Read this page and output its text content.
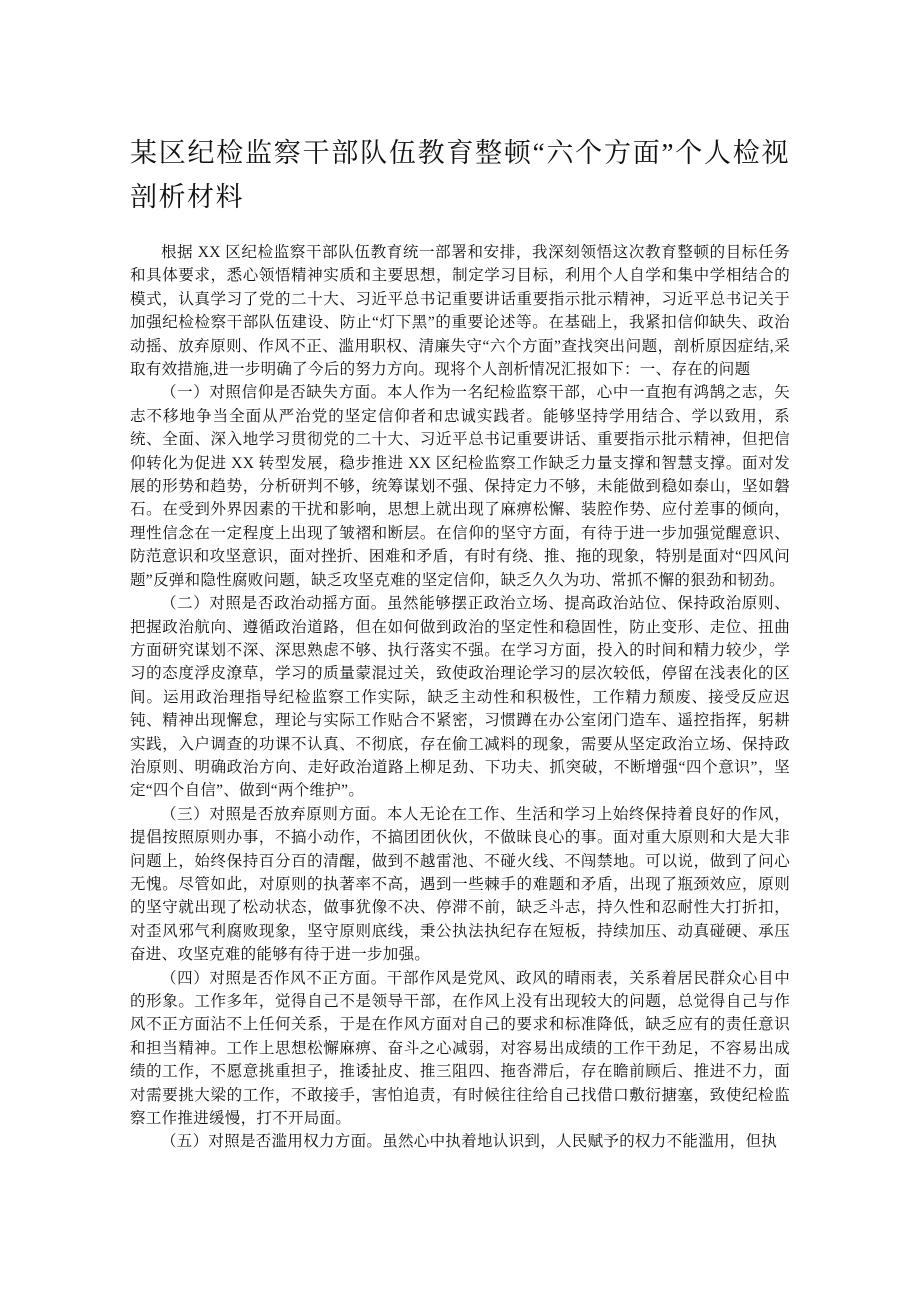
某区纪检监察干部队伍教育整顿“六个方面”个人检视剖析材料

根据 XX 区纪检监察干部队伍教育统一部署和安排，我深刻领悟这次教育整顿的目标任务和具体要求，悉心领悟精神实质和主要思想，制定学习目标，利用个人自学和集中学相结合的模式，认真学习了党的二十大、习近平总书记重要讲话重要指示批示精神，习近平总书记关于加强纪检检察干部队伍建设、防止“灯下黑”的重要论述等。在基础上，我紧扣信仰缺失、政治动摇、放弃原则、作风不正、滥用职权、清廉失守“六个方面”查找突出问题，剖析原因症结,采取有效措施,进一步明确了今后的努力方向。现将个人剖析情况汇报如下：一、存在的问题

（一）对照信仰是否缺失方面。本人作为一名纪检监察干部，心中一直抱有鸿鹄之志，矢志不移地争当全面从严治党的坚定信仰者和忠诚实践者。能够坚持学用结合、学以致用，系统、全面、深入地学习贯彻党的二十大、习近平总书记重要讲话、重要指示批示精神，但把信仰转化为促进 XX 转型发展，稳步推进 XX 区纪检监察工作缺乏力量支撑和智慧支撑。面对发展的形势和趋势，分析研判不够，统筹谋划不强、保持定力不够，未能做到稳如泰山，坚如磐石。在受到外界因素的干扰和影响，思想上就出现了麻痹松懈、装腔作势、应付差事的倾向，理性信念在一定程度上出现了皱褶和断层。在信仰的坚守方面，有待于进一步加强觉醒意识、防范意识和攻坚意识，面对挫折、困难和矛盾，有时有绕、推、拖的现象，特别是面对“四风问题”反弹和隐性腐败问题，缺乏攻坚克难的坚定信仰，缺乏久久为功、常抓不懈的狠劲和韧劲。

（二）对照是否政治动摇方面。虽然能够摆正政治立场、提高政治站位、保持政治原则、把握政治航向、遵循政治道路，但在如何做到政治的坚定性和稳固性，防止变形、走位、扭曲方面研究谋划不深、深思熟虑不够、执行落实不强。在学习方面，投入的时间和精力较少，学习的态度浮皮潦草，学习的质量蒙混过关，致使政治理论学习的层次较低，停留在浅表化的区间。运用政治理指导纪检监察工作实际，缺乏主动性和积极性，工作精力颓废、接受反应迟钝、精神出现懈怠，理论与实际工作贴合不紧密，习惯蹲在办公室闭门造车、遥控指挥，躬耕实践，入户调查的功课不认真、不彻底，存在偷工减料的现象，需要从坚定政治立场、保持政治原则、明确政治方向、走好政治道路上柳足劲、下功夫、抓突破，不断增强“四个意识”，坚定“四个自信”、做到“两个维护”。

（三）对照是否放弃原则方面。本人无论在工作、生活和学习上始终保持着良好的作风，提倡按照原则办事，不搞小动作，不搞团团伙伙，不做昧良心的事。面对重大原则和大是大非问题上，始终保持百分百的清醒，做到不越雷池、不碰火线、不闯禁地。可以说，做到了问心无愧。尽管如此，对原则的执著率不高，遇到一些棘手的难题和矛盾，出现了瓶颈效应，原则的坚守就出现了松动状态，做事犹像不决、停滞不前，缺乏斗志，持久性和忍耐性大打折扣，对歪风邪气利腐败现象，坚守原则底线，秉公执法执纪存在短板，持续加压、动真碰硬、承压奋进、攻坚克难的能够有待于进一步加强。

（四）对照是否作风不正方面。干部作风是党风、政风的晴雨表，关系着居民群众心目中的形象。工作多年，觉得自己不是领导干部，在作风上没有出现较大的问题，总觉得自己与作风不正方面沾不上任何关系，于是在作风方面对自己的要求和标准降低，缺乏应有的责任意识和担当精神。工作上思想松懈麻痹、奋斗之心减弱，对容易出成绩的工作干劲足，不容易出成绩的工作，不愿意挑重担子，推诿扯皮、推三阻四、拖沓滞后，存在瞻前顾后、推进不力，面对需要挑大梁的工作，不敢接手，害怕追责，有时候往往给自己找借口敷衍搪塞，致使纪检监察工作推进缓慢，打不开局面。

（五）对照是否滥用权力方面。虽然心中执着地认识到，人民赋予的权力不能滥用，但执
